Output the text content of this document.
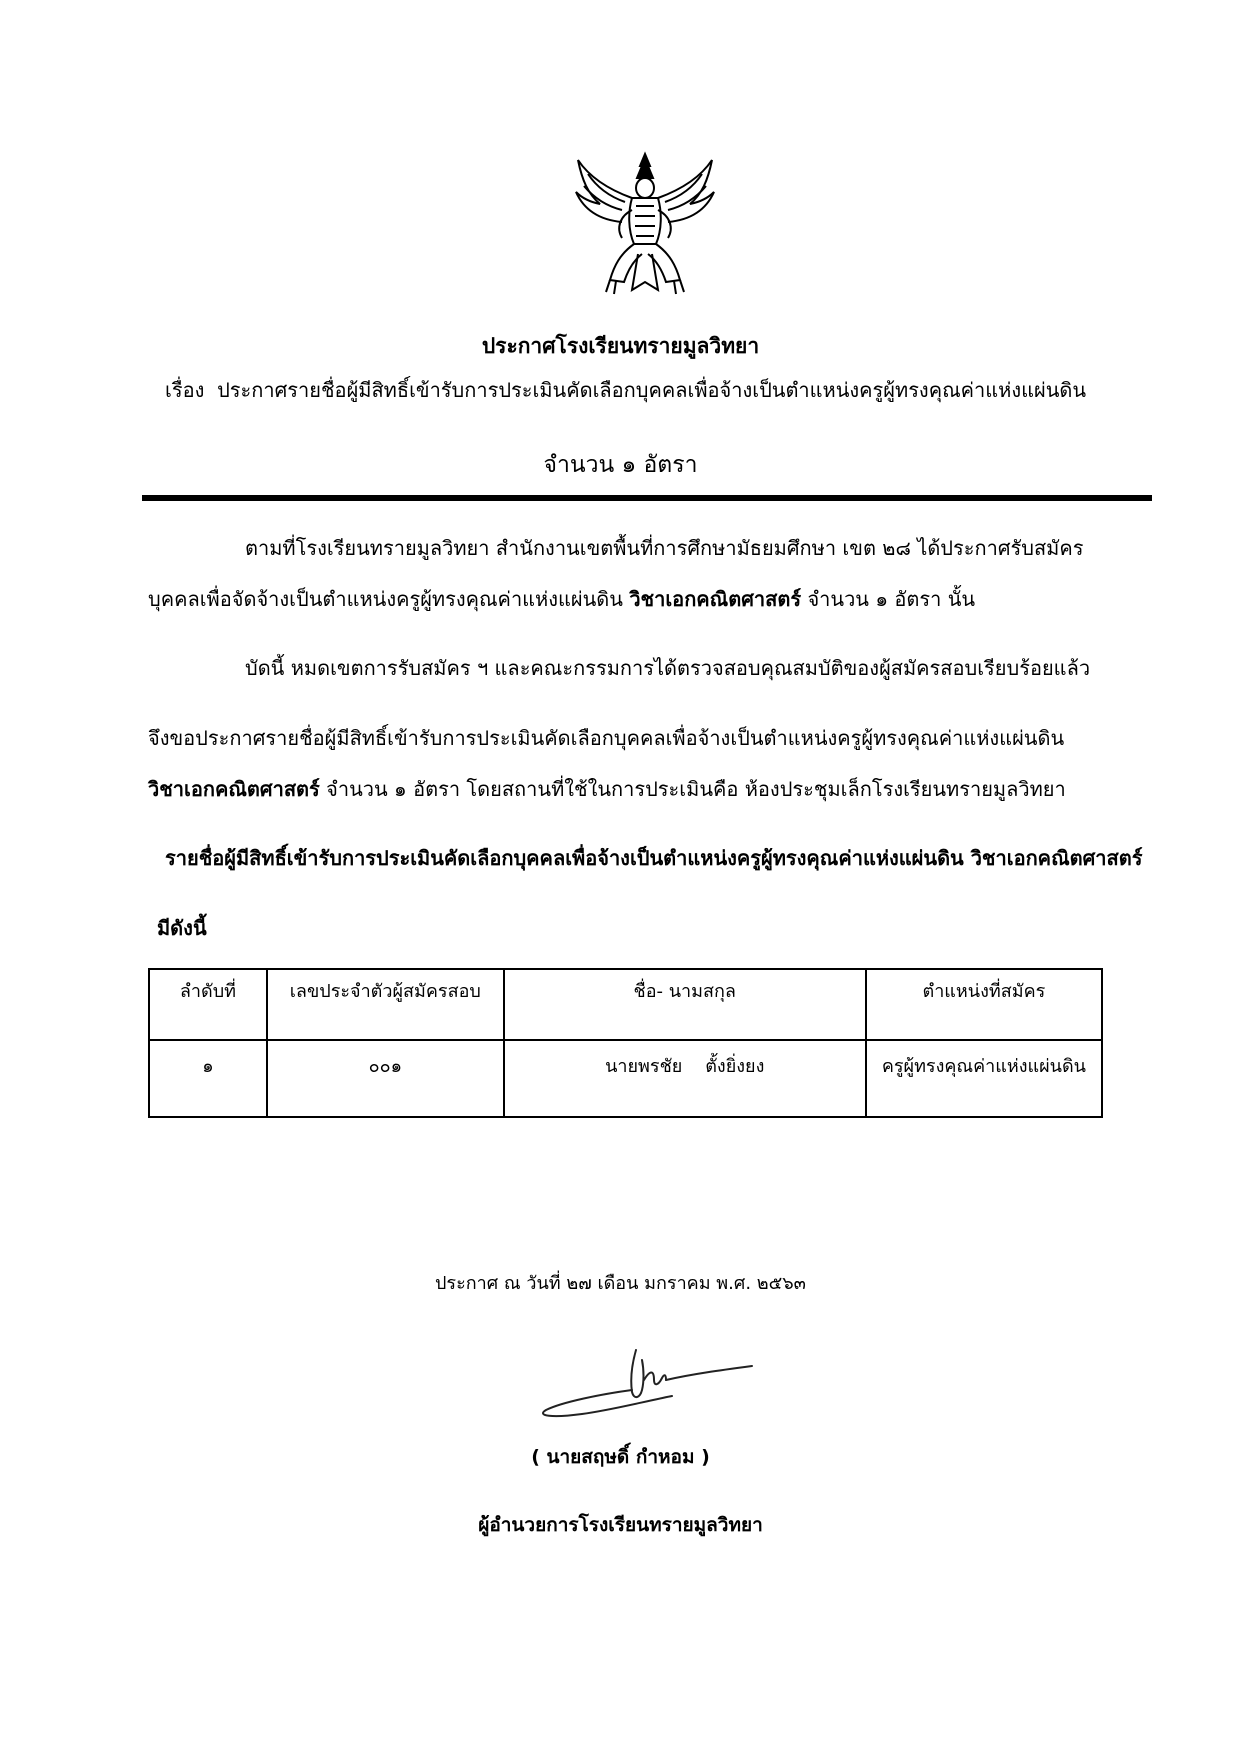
ประกาศโรงเรียนทรายมูลวิทยา
เรื่อง ประกาศรายชื่อผู้มีสิทธิ์เข้ารับการประเมินคัดเลือกบุคคลเพื่อจ้างเป็นตำแหน่งครูผู้ทรงคุณค่าแห่งแผ่นดิน
จำนวน ๑ อัตรา
ตามที่โรงเรียนทรายมูลวิทยา สำนักงานเขตพื้นที่การศึกษามัธยมศึกษา เขต ๒๘ ได้ประกาศรับสมัคร
บุคคลเพื่อจัดจ้างเป็นตำแหน่งครูผู้ทรงคุณค่าแห่งแผ่นดิน วิชาเอกคณิตศาสตร์ จำนวน ๑ อัตรา นั้น
บัดนี้ หมดเขตการรับสมัคร ฯ และคณะกรรมการได้ตรวจสอบคุณสมบัติของผู้สมัครสอบเรียบร้อยแล้ว
จึงขอประกาศรายชื่อผู้มีสิทธิ์เข้ารับการประเมินคัดเลือกบุคคลเพื่อจ้างเป็นตำแหน่งครูผู้ทรงคุณค่าแห่งแผ่นดิน
วิชาเอกคณิตศาสตร์ จำนวน ๑ อัตรา โดยสถานที่ใช้ในการประเมินคือ ห้องประชุมเล็กโรงเรียนทรายมูลวิทยา
รายชื่อผู้มีสิทธิ์เข้ารับการประเมินคัดเลือกบุคคลเพื่อจ้างเป็นตำแหน่งครูผู้ทรงคุณค่าแห่งแผ่นดิน วิชาเอกคณิตศาสตร์
มีดังนี้
ลำดับที่	เลขประจำตัวผู้สมัครสอบ	ชื่อ- นามสกุล	ตำแหน่งที่สมัคร
๑	๐๐๑	นายพรชัย    ตั้งยิ่งยง	ครูผู้ทรงคุณค่าแห่งแผ่นดิน
ประกาศ ณ วันที่ ๒๗ เดือน มกราคม พ.ศ. ๒๕๖๓
( นายสฤษดิ์ กำหอม )
ผู้อำนวยการโรงเรียนทรายมูลวิทยา
